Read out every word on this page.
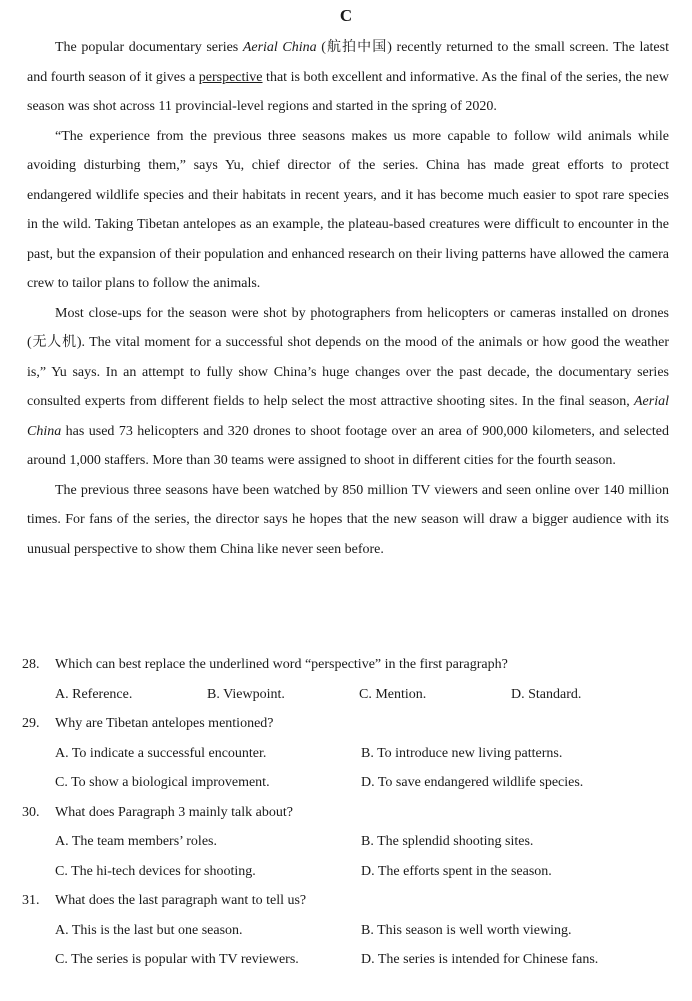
C

The popular documentary series Aerial China (航拍中国) recently returned to the small screen. The latest and fourth season of it gives a perspective that is both excellent and informative. As the final of the series, the new season was shot across 11 provincial-level regions and started in the spring of 2020.

“The experience from the previous three seasons makes us more capable to follow wild animals while avoiding disturbing them,” says Yu, chief director of the series. China has made great efforts to protect endangered wildlife species and their habitats in recent years, and it has become much easier to spot rare species in the wild. Taking Tibetan antelopes as an example, the plateau-based creatures were difficult to encounter in the past, but the expansion of their population and enhanced research on their living patterns have allowed the camera crew to tailor plans to follow the animals.

Most close-ups for the season were shot by photographers from helicopters or cameras installed on drones (无人机). The vital moment for a successful shot depends on the mood of the animals or how good the weather is,” Yu says. In an attempt to fully show China’s huge changes over the past decade, the documentary series consulted experts from different fields to help select the most attractive shooting sites. In the final season, Aerial China has used 73 helicopters and 320 drones to shoot footage over an area of 900,000 kilometers, and selected around 1,000 staffers. More than 30 teams were assigned to shoot in different cities for the fourth season.

The previous three seasons have been watched by 850 million TV viewers and seen online over 140 million times. For fans of the series, the director says he hopes that the new season will draw a bigger audience with its unusual perspective to show them China like never seen before.

28.	Which can best replace the underlined word “perspective” in the first paragraph?
A. Reference.	B. Viewpoint.	C. Mention.	D. Standard.
29.	Why are Tibetan antelopes mentioned?
A. To indicate a successful encounter.	B. To introduce new living patterns.
C. To show a biological improvement.	D. To save endangered wildlife species.
30.	What does Paragraph 3 mainly talk about?
A. The team members’ roles.	B. The splendid shooting sites.
C. The hi-tech devices for shooting.	D. The efforts spent in the season.
31.	What does the last paragraph want to tell us?
A. This is the last but one season.	B. This season is well worth viewing.
C. The series is popular with TV reviewers.	D. The series is intended for Chinese fans.
